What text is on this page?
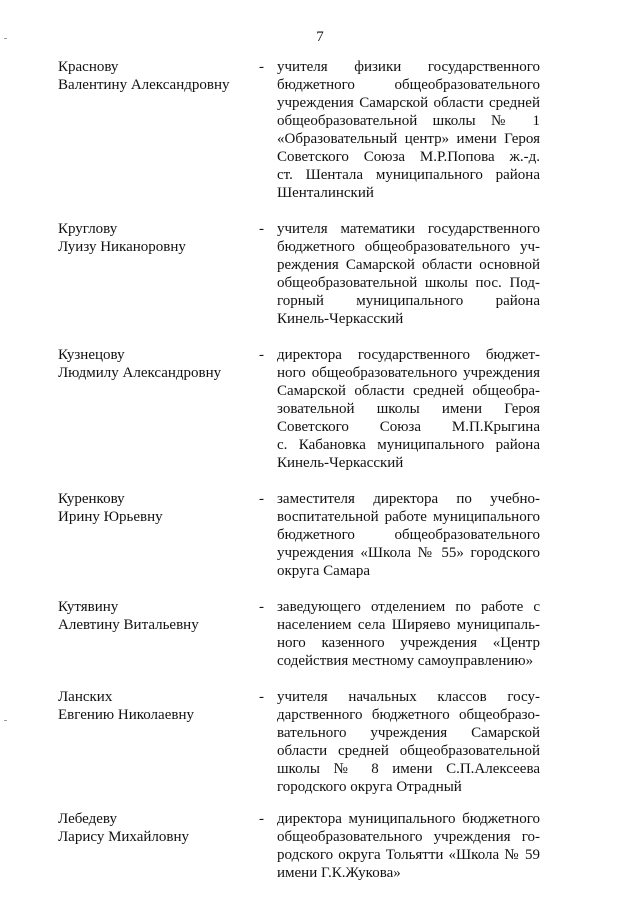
7
Краснову
Валентину Александровну
- учителя физики государственного
бюджетного общеобразовательного
учреждения Самарской области средней
общеобразовательной школы № 1
«Образовательный центр» имени Героя
Советского Союза М.Р.Попова ж.-д.
ст. Шентала муниципального района
Шенталинский
Круглову
Луизу Никаноровну
- учителя математики государственного
бюджетного общеобразовательного уч-
реждения Самарской области основной
общеобразовательной школы пос. Под-
горный муниципального района
Кинель-Черкасский
Кузнецову
Людмилу Александровну
- директора государственного бюджет-
ного общеобразовательного учреждения
Самарской области средней общеобра-
зовательной школы имени Героя
Советского Союза М.П.Крыгина
с. Кабановка муниципального района
Кинель-Черкасский
Куренкову
Ирину Юрьевну
- заместителя директора по учебно-
воспитательной работе муниципального
бюджетного общеобразовательного
учреждения «Школа № 55» городского
округа Самара
Кутявину
Алевтину Витальевну
- заведующего отделением по работе с
населением села Ширяево муниципаль-
ного казенного учреждения «Центр
содействия местному самоуправлению»
Ланских
Евгению Николаевну
- учителя начальных классов госу-
дарственного бюджетного общеобразо-
вательного учреждения Самарской
области средней общеобразовательной
школы № 8 имени С.П.Алексеева
городского округа Отрадный
Лебедеву
Ларису Михайловну
- директора муниципального бюджетного
общеобразовательного учреждения го-
родского округа Тольятти «Школа № 59
имени Г.К.Жукова»
